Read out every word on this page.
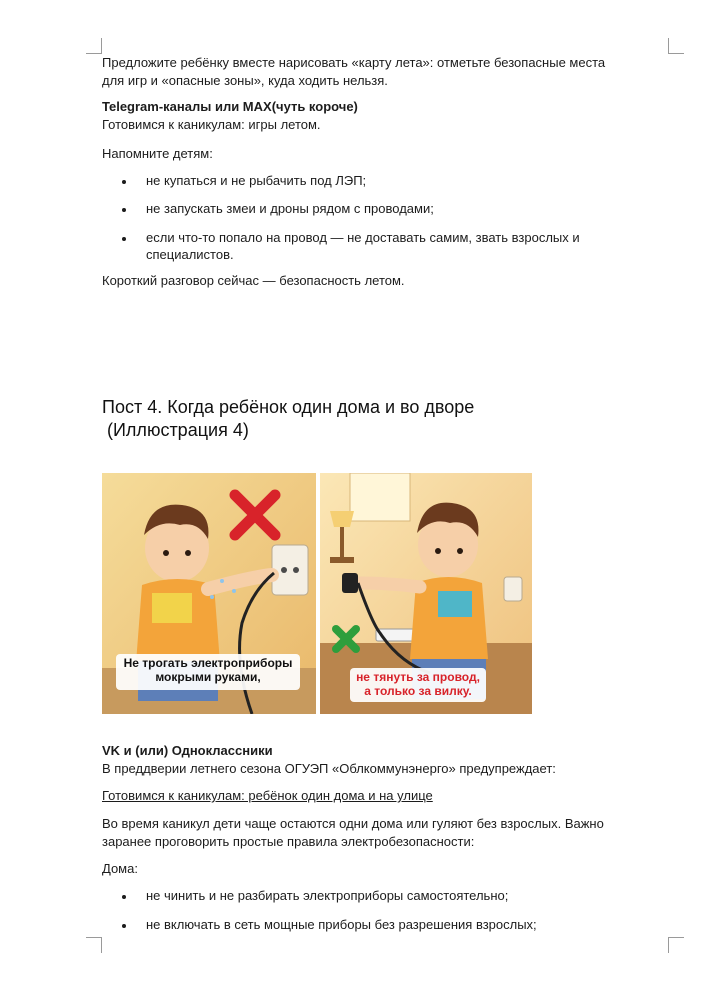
Предложите ребёнку вместе нарисовать «карту лета»: отметьте безопасные места
для игр и «опасные зоны», куда ходить нельзя.
Telegram-каналы или MAX(чуть короче)
Готовимся к каникулам: игры летом.
Напомните детям:
не купаться и не рыбачить под ЛЭП;
не запускать змеи и дроны рядом с проводами;
если что-то попало на провод — не доставать самим, звать взрослых и
специалистов.
Короткий разговор сейчас — безопасность летом.
Пост 4. Когда ребёнок один дома и во дворе
(Иллюстрация 4)
Не трогать электроприборы
мокрыми руками,	не тянуть за провод,
а только за вилку.
VK и (или) Одноклассники
В преддверии летнего сезона ОГУЭП «Облкоммунэнерго» предупреждает:
Готовимся к каникулам: ребёнок один дома и на улице
Во время каникул дети чаще остаются одни дома или гуляют без взрослых. Важно
заранее проговорить простые правила электробезопасности:
Дома:
не чинить и не разбирать электроприборы самостоятельно;
не включать в сеть мощные приборы без разрешения взрослых;
